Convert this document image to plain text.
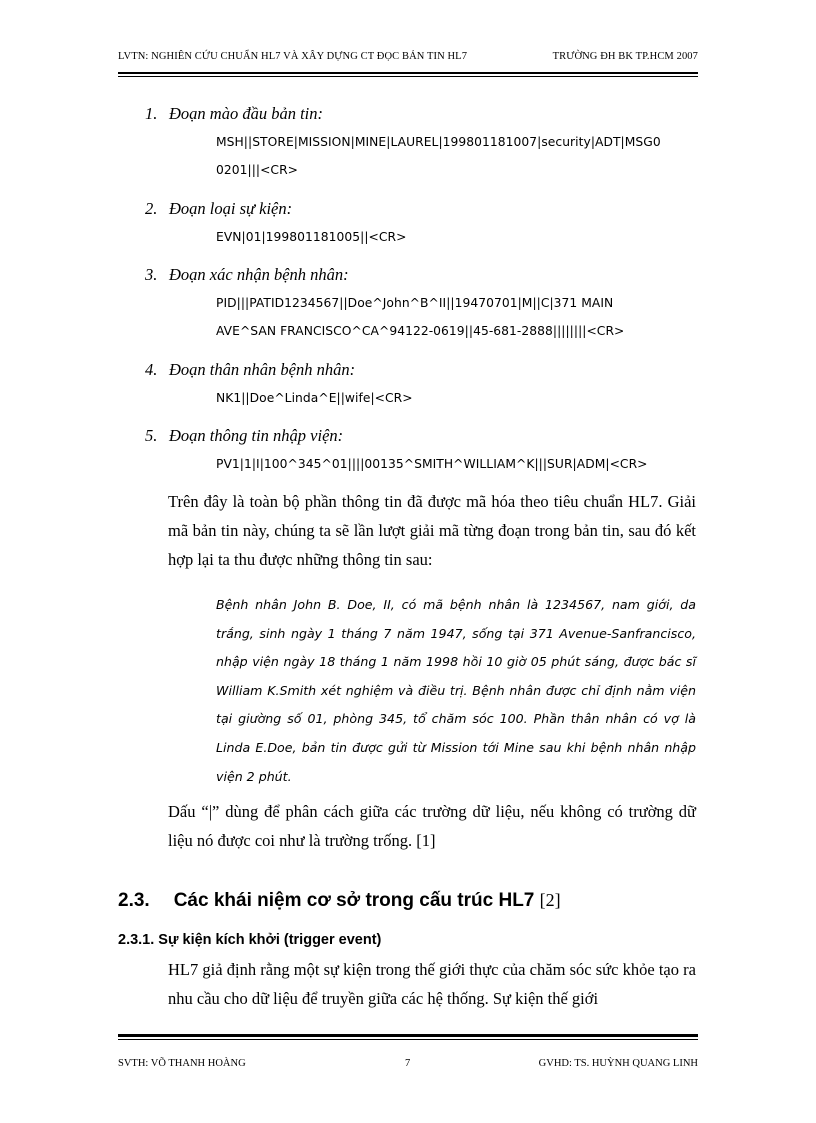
LVTN: NGHIÊN CỨU CHUẨN HL7 VÀ XÂY DỰNG CT ĐỌC BẢN TIN HL7	TRƯỜNG ĐH BK TP.HCM 2007
1. Đoạn mào đầu bản tin:
MSH||STORE|MISSION|MINE|LAUREL|199801181007|security|ADT|MSG0
0201|||<CR>
2. Đoạn loại sự kiện:
EVN|01|199801181005||<CR>
3. Đoạn xác nhận bệnh nhân:
PID|||PATID1234567||Doe^John^B^II||19470701|M||C|371 MAIN
AVE^SAN FRANCISCO^CA^94122-0619||45-681-2888||||||||<CR>
4. Đoạn thân nhân bệnh nhân:
NK1||Doe^Linda^E||wife|<CR>
5. Đoạn thông tin nhập viện:
PV1|1|I|100^345^01||||00135^SMITH^WILLIAM^K|||SUR|ADM|<CR>

Trên đây là toàn bộ phần thông tin đã được mã hóa theo tiêu chuẩn HL7. Giải mã bản tin này, chúng ta sẽ lần lượt giải mã từng đoạn trong bản tin, sau đó kết hợp lại ta thu được những thông tin sau:

Bệnh nhân John B. Doe, II, có mã bệnh nhân là 1234567, nam giới, da trắng, sinh ngày 1 tháng 7 năm 1947, sống tại 371 Avenue-Sanfrancisco, nhập viện ngày 18 tháng 1 năm 1998 hồi 10 giờ 05 phút sáng, được bác sĩ William K.Smith xét nghiệm và điều trị. Bệnh nhân được chỉ định nằm viện tại giường số 01, phòng 345, tổ chăm sóc 100. Phần thân nhân có vợ là Linda E.Doe, bản tin được gửi từ Mission tới Mine sau khi bệnh nhân nhập viện 2 phút.

Dấu “|” dùng để phân cách giữa các trường dữ liệu, nếu không có trường dữ liệu nó được coi như là trường trống. [1]

2.3. Các khái niệm cơ sở trong cấu trúc HL7 [2]
2.3.1. Sự kiện kích khởi (trigger event)

HL7 giả định rằng một sự kiện trong thế giới thực của chăm sóc sức khỏe tạo ra nhu cầu cho dữ liệu để truyền giữa các hệ thống. Sự kiện thế giới

SVTH: VÕ THANH HOÀNG	7	GVHD: TS. HUỲNH QUANG LINH
